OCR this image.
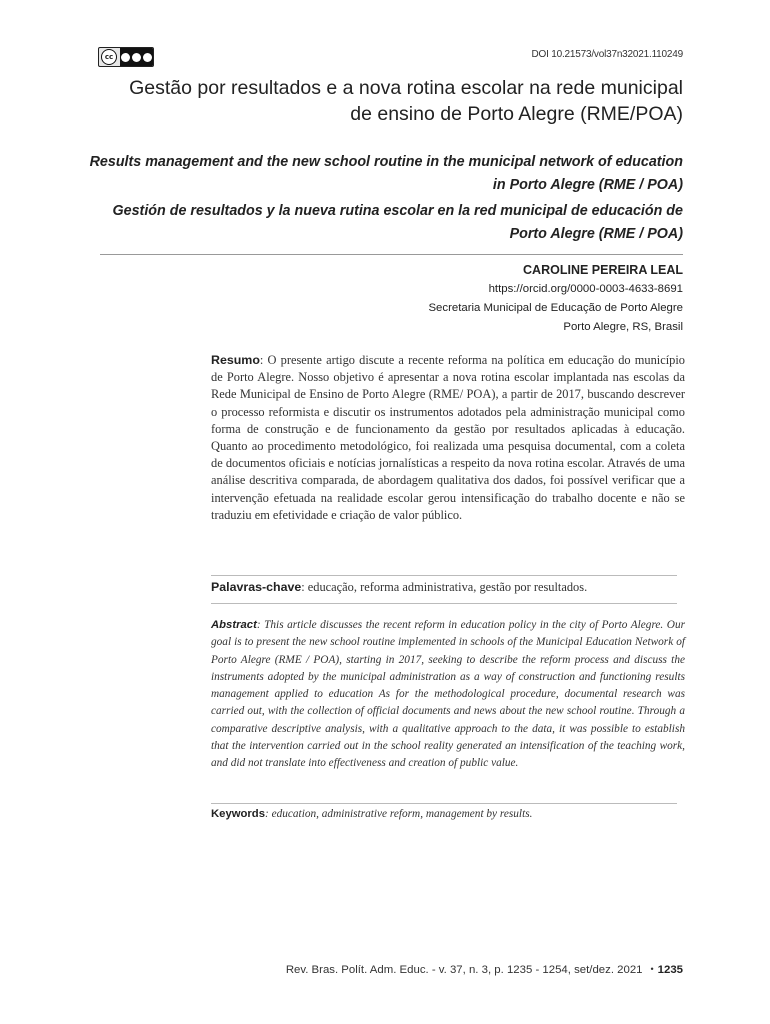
cc	DOI 10.21573/vol37n32021.110249
Gestão por resultados e a nova rotina escolar na rede municipal de ensino de Porto Alegre (RME/POA)
Results management and the new school routine in the municipal network of education in Porto Alegre (RME / POA)
Gestión de resultados y la nueva rutina escolar en la red municipal de educación de Porto Alegre (RME / POA)
CAROLINE PEREIRA LEAL
https://orcid.org/0000-0003-4633-8691
Secretaria Municipal de Educação de Porto Alegre
Porto Alegre, RS, Brasil
Resumo: O presente artigo discute a recente reforma na política em educação do município de Porto Alegre. Nosso objetivo é apresentar a nova rotina escolar implantada nas escolas da Rede Municipal de Ensino de Porto Alegre (RME/ POA), a partir de 2017, buscando descrever o processo reformista e discutir os instrumentos adotados pela administração municipal como forma de construção e de funcionamento da gestão por resultados aplicadas à educação. Quanto ao procedimento metodológico, foi realizada uma pesquisa documental, com a coleta de documentos oficiais e notícias jornalísticas a respeito da nova rotina escolar. Através de uma análise descritiva comparada, de abordagem qualitativa dos dados, foi possível verificar que a intervenção efetuada na realidade escolar gerou intensificação do trabalho docente e não se traduziu em efetividade e criação de valor público.
Palavras-chave: educação, reforma administrativa, gestão por resultados.
Abstract: This article discusses the recent reform in education policy in the city of Porto Alegre. Our goal is to present the new school routine implemented in schools of the Municipal Education Network of Porto Alegre (RME / POA), starting in 2017, seeking to describe the reform process and discuss the instruments adopted by the municipal administration as a way of construction and functioning results management applied to education As for the methodological procedure, documental research was carried out, with the collection of official documents and news about the new school routine. Through a comparative descriptive analysis, with a qualitative approach to the data, it was possible to establish that the intervention carried out in the school reality generated an intensification of the teaching work, and did not translate into effectiveness and creation of public value.
Keywords: education, administrative reform, management by results.
Rev. Bras. Polít. Adm. Educ. - v. 37, n. 3, p. 1235 - 1254, set/dez. 2021 • 1235
